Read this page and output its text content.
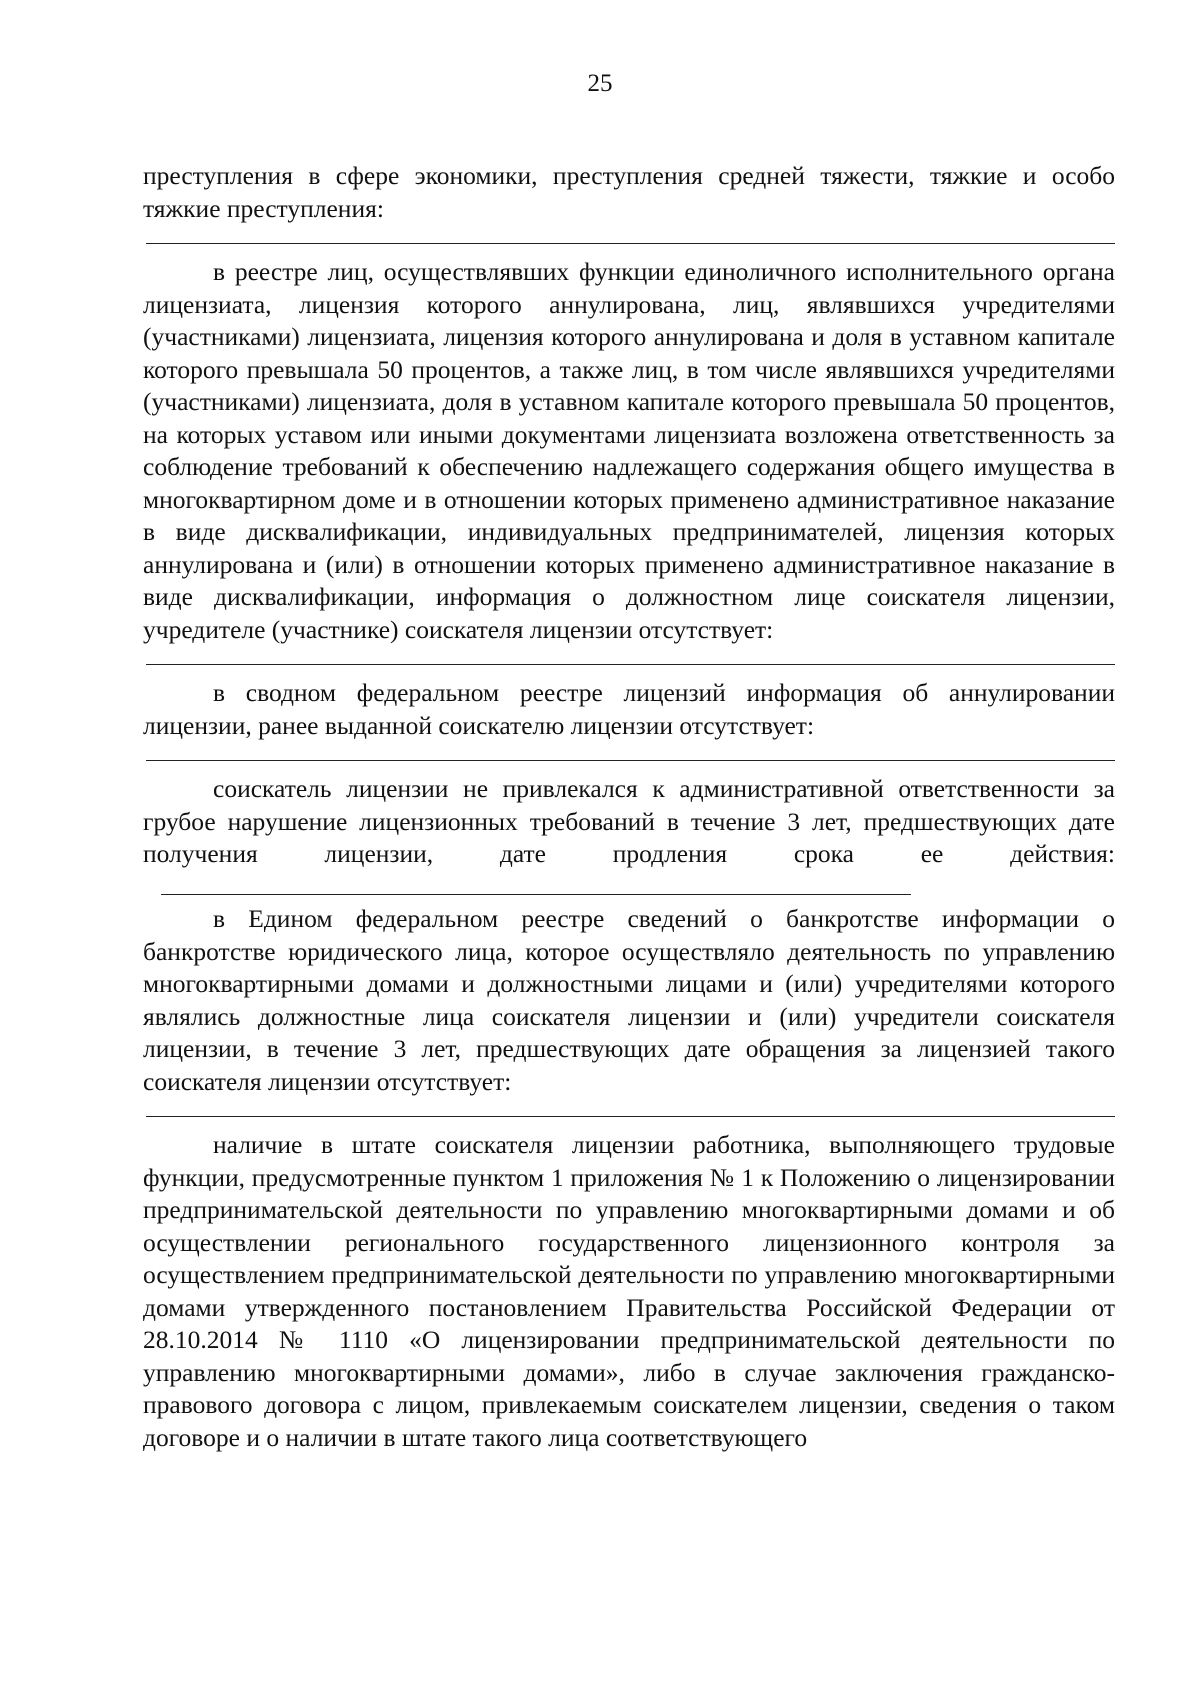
25

преступления в сфере экономики, преступления средней тяжести, тяжкие и особо тяжкие преступления:

в реестре лиц, осуществлявших функции единоличного исполнительного органа лицензиата, лицензия которого аннулирована, лиц, являвшихся учредителями (участниками) лицензиата, лицензия которого аннулирована и доля в уставном капитале которого превышала 50 процентов, а также лиц, в том числе являвшихся учредителями (участниками) лицензиата, доля в уставном капитале которого превышала 50 процентов, на которых уставом или иными документами лицензиата возложена ответственность за соблюдение требований к обеспечению надлежащего содержания общего имущества в многоквартирном доме и в отношении которых применено административное наказание в виде дисквалификации, индивидуальных предпринимателей, лицензия которых аннулирована и (или) в отношении которых применено административное наказание в виде дисквалификации, информация о должностном лице соискателя лицензии, учредителе (участнике) соискателя лицензии отсутствует:

в сводном федеральном реестре лицензий информация об аннулировании лицензии, ранее выданной соискателю лицензии отсутствует:

соискатель лицензии не привлекался к административной ответственности за грубое нарушение лицензионных требований в течение 3 лет, предшествующих дате получения лицензии, дате продления срока ее действия:

в Едином федеральном реестре сведений о банкротстве информации о банкротстве юридического лица, которое осуществляло деятельность по управлению многоквартирными домами и должностными лицами и (или) учредителями которого являлись должностные лица соискателя лицензии и (или) учредители соискателя лицензии, в течение 3 лет, предшествующих дате обращения за лицензией такого соискателя лицензии отсутствует:

наличие в штате соискателя лицензии работника, выполняющего трудовые функции, предусмотренные пунктом 1 приложения № 1 к Положению о лицензировании предпринимательской деятельности по управлению многоквартирными домами и об осуществлении регионального государственного лицензионного контроля за осуществлением предпринимательской деятельности по управлению многоквартирными домами утвержденного постановлением Правительства Российской Федерации от 28.10.2014 № 1110 «О лицензировании предпринимательской деятельности по управлению многоквартирными домами», либо в случае заключения гражданско-правового договора с лицом, привлекаемым соискателем лицензии, сведения о таком договоре и о наличии в штате такого лица соответствующего
